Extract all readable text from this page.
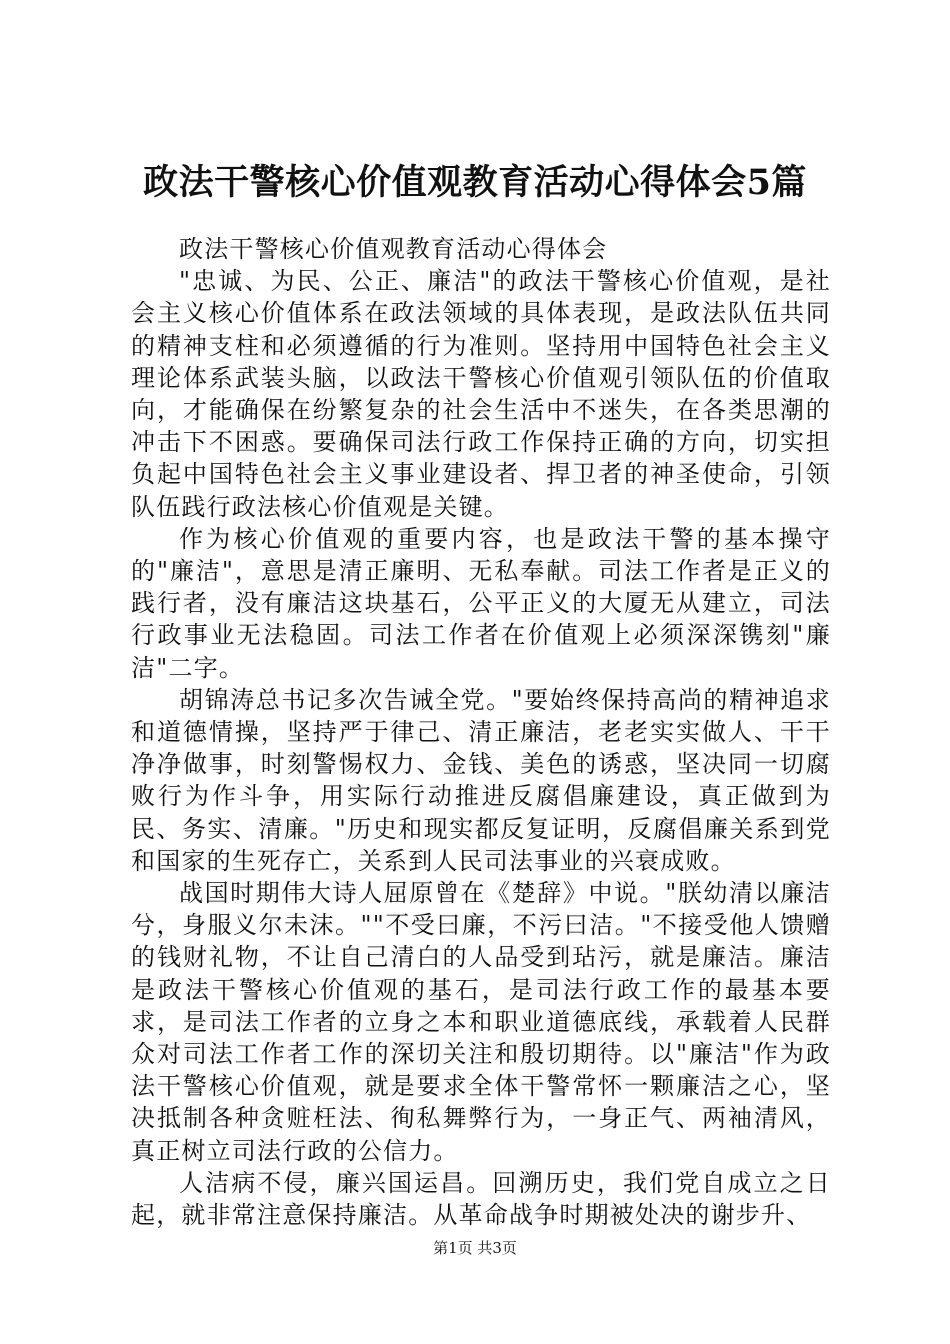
政法干警核心价值观教育活动心得体会5篇

政法干警核心价值观教育活动心得体会

"忠诚、为民、公正、廉洁"的政法干警核心价值观，是社会主义核心价值体系在政法领域的具体表现，是政法队伍共同的精神支柱和必须遵循的行为准则。坚持用中国特色社会主义理论体系武装头脑，以政法干警核心价值观引领队伍的价值取向，才能确保在纷繁复杂的社会生活中不迷失，在各类思潮的冲击下不困惑。要确保司法行政工作保持正确的方向，切实担负起中国特色社会主义事业建设者、捍卫者的神圣使命，引领队伍践行政法核心价值观是关键。

作为核心价值观的重要内容，也是政法干警的基本操守的"廉洁"，意思是清正廉明、无私奉献。司法工作者是正义的践行者，没有廉洁这块基石，公平正义的大厦无从建立，司法行政事业无法稳固。司法工作者在价值观上必须深深镌刻"廉洁"二字。

胡锦涛总书记多次告诫全党。"要始终保持高尚的精神追求和道德情操，坚持严于律己、清正廉洁，老老实实做人、干干净净做事，时刻警惕权力、金钱、美色的诱惑，坚决同一切腐败行为作斗争，用实际行动推进反腐倡廉建设，真正做到为民、务实、清廉。"历史和现实都反复证明，反腐倡廉关系到党和国家的生死存亡，关系到人民司法事业的兴衰成败。

战国时期伟大诗人屈原曾在《楚辞》中说。"朕幼清以廉洁兮，身服义尔未沫。""不受曰廉，不污曰洁。"不接受他人馈赠的钱财礼物，不让自己清白的人品受到玷污，就是廉洁。廉洁是政法干警核心价值观的基石，是司法行政工作的最基本要求，是司法工作者的立身之本和职业道德底线，承载着人民群众对司法工作者工作的深切关注和殷切期待。以"廉洁"作为政法干警核心价值观，就是要求全体干警常怀一颗廉洁之心，坚决抵制各种贪赃枉法、徇私舞弊行为，一身正气、两袖清风，真正树立司法行政的公信力。

人洁病不侵，廉兴国运昌。回溯历史，我们党自成立之日起，就非常注意保持廉洁。从革命战争时期被处决的谢步升、

第1页 共3页
